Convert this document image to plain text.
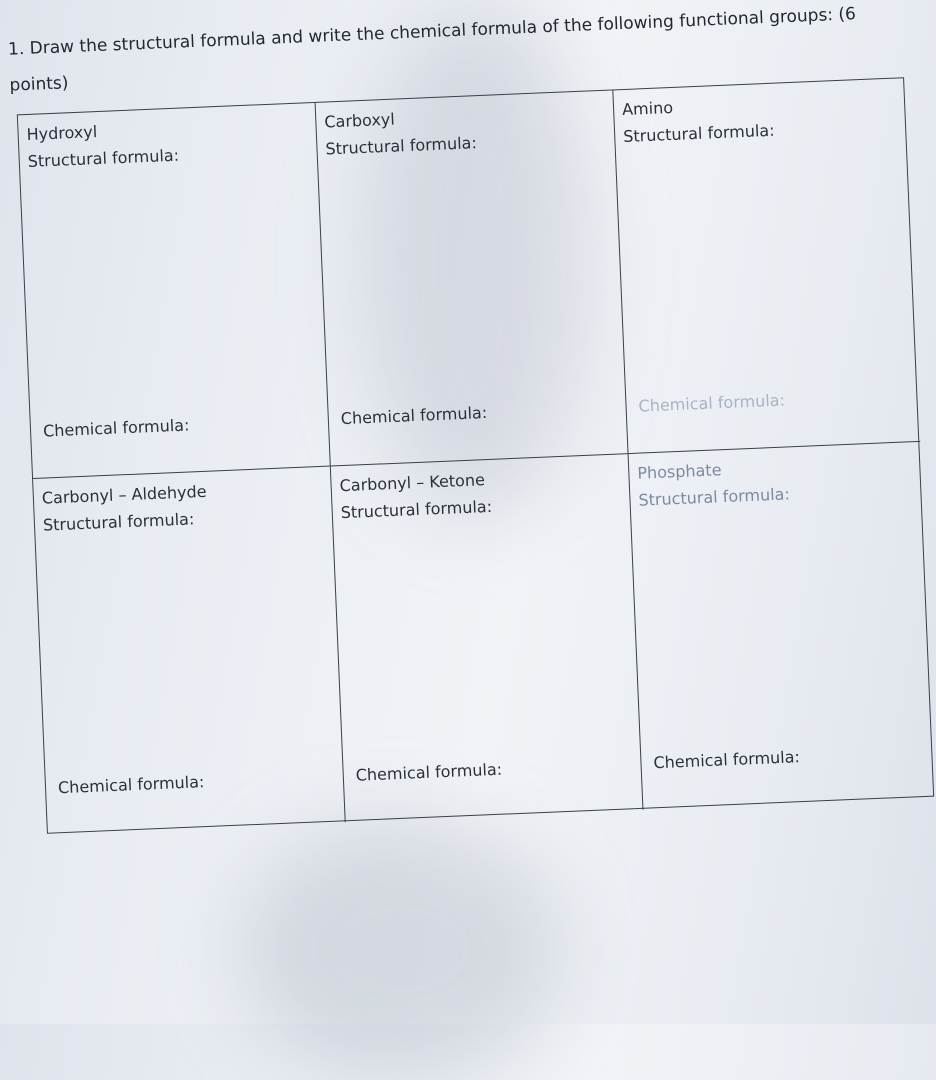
1. Draw the structural formula and write the chemical formula of the following functional groups: (6 points)
Hydroxyl
Structural formula:
Chemical formula:
Carboxyl
Structural formula:
Chemical formula:
Amino
Structural formula:
Chemical formula:
Carbonyl – Aldehyde
Structural formula:
Chemical formula:
Carbonyl – Ketone
Structural formula:
Chemical formula:
Phosphate
Structural formula:
Chemical formula:
